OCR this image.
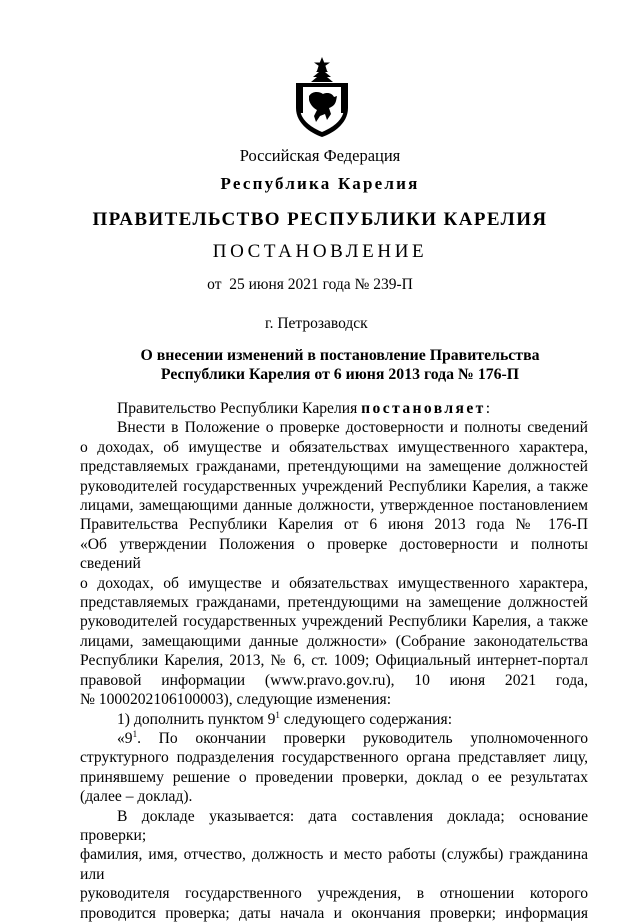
Российская Федерация
Республика Карелия
ПРАВИТЕЛЬСТВО РЕСПУБЛИКИ КАРЕЛИЯ
ПОСТАНОВЛЕНИЕ
от  25 июня 2021 года № 239-П
г. Петрозаводск
О внесении изменений в постановление Правительства
Республики Карелия от 6 июня 2013 года № 176-П

Правительство Республики Карелия постановляет:

Внести в Положение о проверке достоверности и полноты сведений

о доходах, об имуществе и обязательствах имущественного характера,

представляемых гражданами, претендующими на замещение должностей

руководителей государственных учреждений Республики Карелия, а также

лицами, замещающими данные должности, утвержденное постановлением

Правительства Республики Карелия от 6 июня 2013 года № 176-П

«Об утверждении Положения о проверке достоверности и полноты сведений

о доходах, об имуществе и обязательствах имущественного характера,

представляемых гражданами, претендующими на замещение должностей

руководителей государственных учреждений Республики Карелия, а также

лицами, замещающими данные должности» (Собрание законодательства

Республики Карелия, 2013, № 6, ст. 1009; Официальный интернет-портал

правовой информации (www.pravo.gov.ru), 10 июня 2021 года,

№ 1000202106100003), следующие изменения:

1) дополнить пунктом $9^1$ следующего содержания:

«$9^1$. По окончании проверки руководитель уполномоченного

структурного подразделения государственного органа представляет лицу,

принявшему решение о проведении проверки, доклад о ее результатах

(далее – доклад).

В докладе указывается: дата составления доклада; основание проверки;

фамилия, имя, отчество, должность и место работы (службы) гражданина или

руководителя государственного учреждения, в отношении которого

проводится проверка; даты начала и окончания проверки; информация
